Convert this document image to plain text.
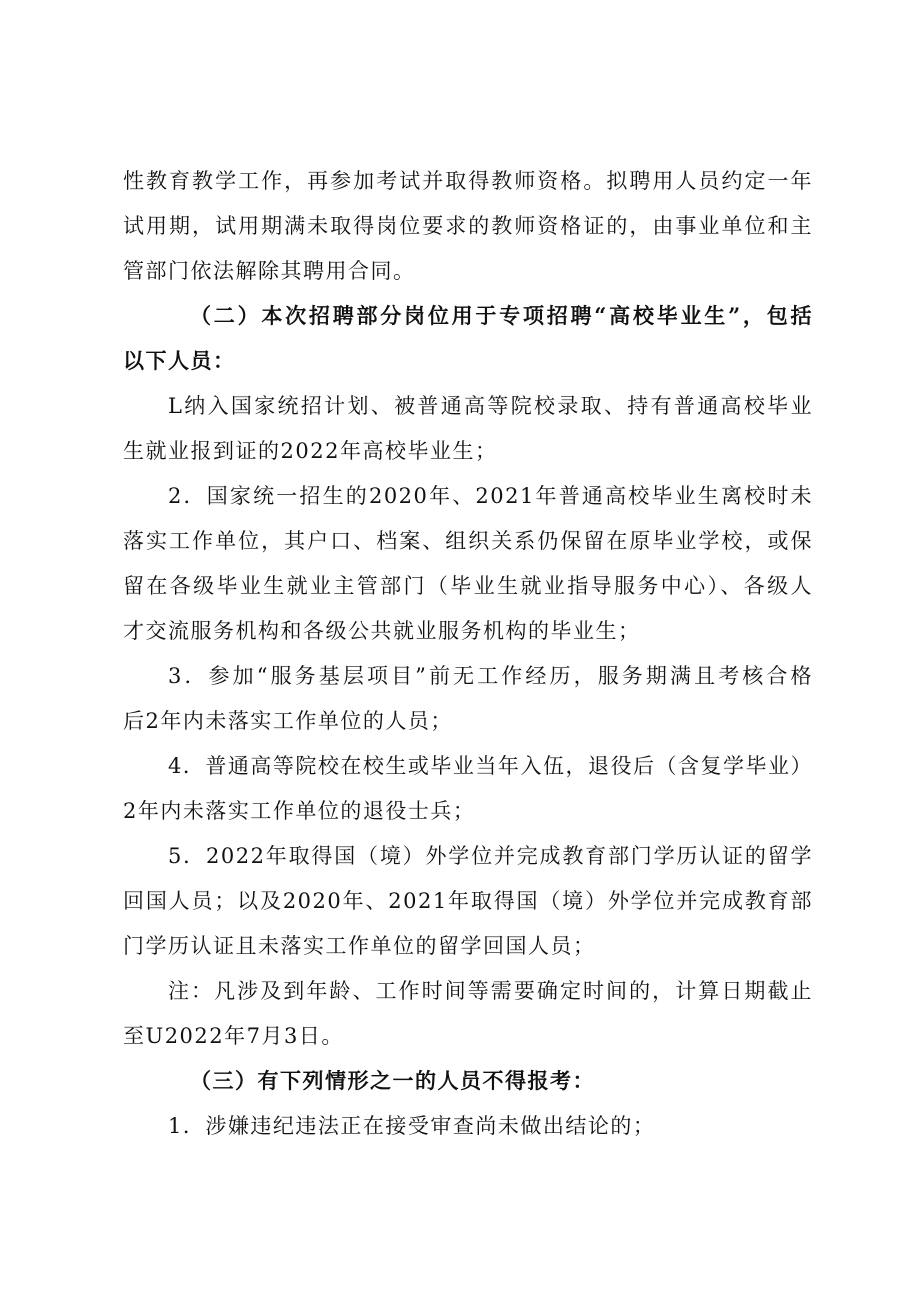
性教育教学工作，再参加考试并取得教师资格。拟聘用人员约定一年
试用期，试用期满未取得岗位要求的教师资格证的，由事业单位和主
管部门依法解除其聘用合同。
（二）本次招聘部分岗位用于专项招聘“高校毕业生”，包括
以下人员：
L纳入国家统招计划、被普通高等院校录取、持有普通高校毕业
生就业报到证的2022年高校毕业生；
2．国家统一招生的2020年、2021年普通高校毕业生离校时未
落实工作单位，其户口、档案、组织关系仍保留在原毕业学校，或保
留在各级毕业生就业主管部门（毕业生就业指导服务中心）、各级人
才交流服务机构和各级公共就业服务机构的毕业生；
3．参加“服务基层项目”前无工作经历，服务期满且考核合格
后2年内未落实工作单位的人员；
4．普通高等院校在校生或毕业当年入伍，退役后（含复学毕业）
2年内未落实工作单位的退役士兵；
5．2022年取得国（境）外学位并完成教育部门学历认证的留学
回国人员；以及2020年、2021年取得国（境）外学位并完成教育部
门学历认证且未落实工作单位的留学回国人员；
注：凡涉及到年龄、工作时间等需要确定时间的，计算日期截止
至U2022年7月3日。
（三）有下列情形之一的人员不得报考：
1．涉嫌违纪违法正在接受审查尚未做出结论的；
